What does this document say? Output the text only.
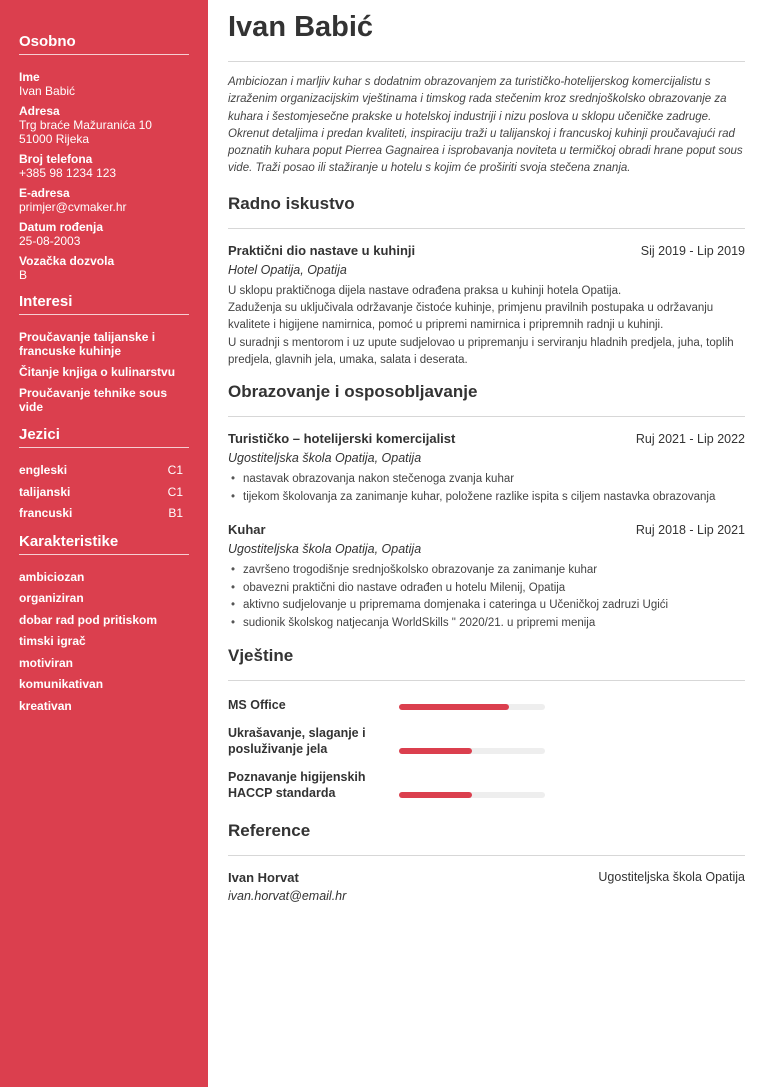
Osobno
Ime
Ivan Babić
Adresa
Trg braće Mažuranića 10
51000 Rijeka
Broj telefona
+385 98 1234 123
E-adresa
primjer@cvmaker.hr
Datum rođenja
25-08-2003
Vozačka dozvola
B
Interesi
Proučavanje talijanske i francuske kuhinje
Čitanje knjiga o kulinarstvu
Proučavanje tehnike sous vide
Jezici
engleski	C1
talijanski	C1
francuski	B1
Karakteristike
ambiciozan
organiziran
dobar rad pod pritiskom
timski igrač
motiviran
komunikativan
kreativan
Ivan Babić
Ambiciozan i marljiv kuhar s dodatnim obrazovanjem za turističko-hotelijerskog komercijalistu s izraženim organizacijskim vještinama i timskog rada stečenim kroz srednjoškolsko obrazovanje za kuhara i šestomjesečne prakske u hotelskoj industriji i nizu poslova u sklopu učeničke zadruge. Okrenut detaljima i predan kvaliteti, inspiraciju traži u talijanskoj i francuskoj kuhinji proučavajući rad poznatih kuhara poput Pierrea Gagnairea i isprobavanja noviteta u termičkoj obradi hrane poput sous vide. Traži posao ili stažiranje u hotelu s kojim će proširiti svoja stečena znanja.
Radno iskustvo
Praktični dio nastave u kuhinji	Sij 2019 - Lip 2019
Hotel Opatija, Opatija
U sklopu praktičnoga dijela nastave odrađena praksa u kuhinji hotela Opatija.
Zaduženja su uključivala održavanje čistoće kuhinje, primjenu pravilnih postupaka u održavanju kvalitete i higijene namirnica, pomoć u pripremi namirnica i pripremnih radnji u kuhinji.
U suradnji s mentorom i uz upute sudjelovao u pripremanju i serviranju hladnih predjela, juha, toplih predjela, glavnih jela, umaka, salata i deserata.
Obrazovanje i osposobljavanje
Turističko – hotelijerski komercijalist	Ruj 2021 - Lip 2022
Ugostiteljska škola Opatija, Opatija
• nastavak obrazovanja nakon stečenoga zvanja kuhar
• tijekom školovanja za zanimanje kuhar, položene razlike ispita s ciljem nastavka obrazovanja
Kuhar	Ruj 2018 - Lip 2021
Ugostiteljska škola Opatija, Opatija
• završeno trogodišnje srednjoškolsko obrazovanje za zanimanje kuhar
• obavezni praktični dio nastave odrađen u hotelu Milenij, Opatija
• aktivno sudjelovanje u pripremama domjenaka i cateringa u Učeničkoj zadruzi Ugići
• sudionik školskog natjecanja WorldSkills " 2020/21. u pripremi menija
Vještine
MS Office
Ukrašavanje, slaganje i posluživanje jela
Poznavanje higijenskih HACCP standarda
Reference
Ivan Horvat	Ugostiteljska škola Opatija
ivan.horvat@email.hr
